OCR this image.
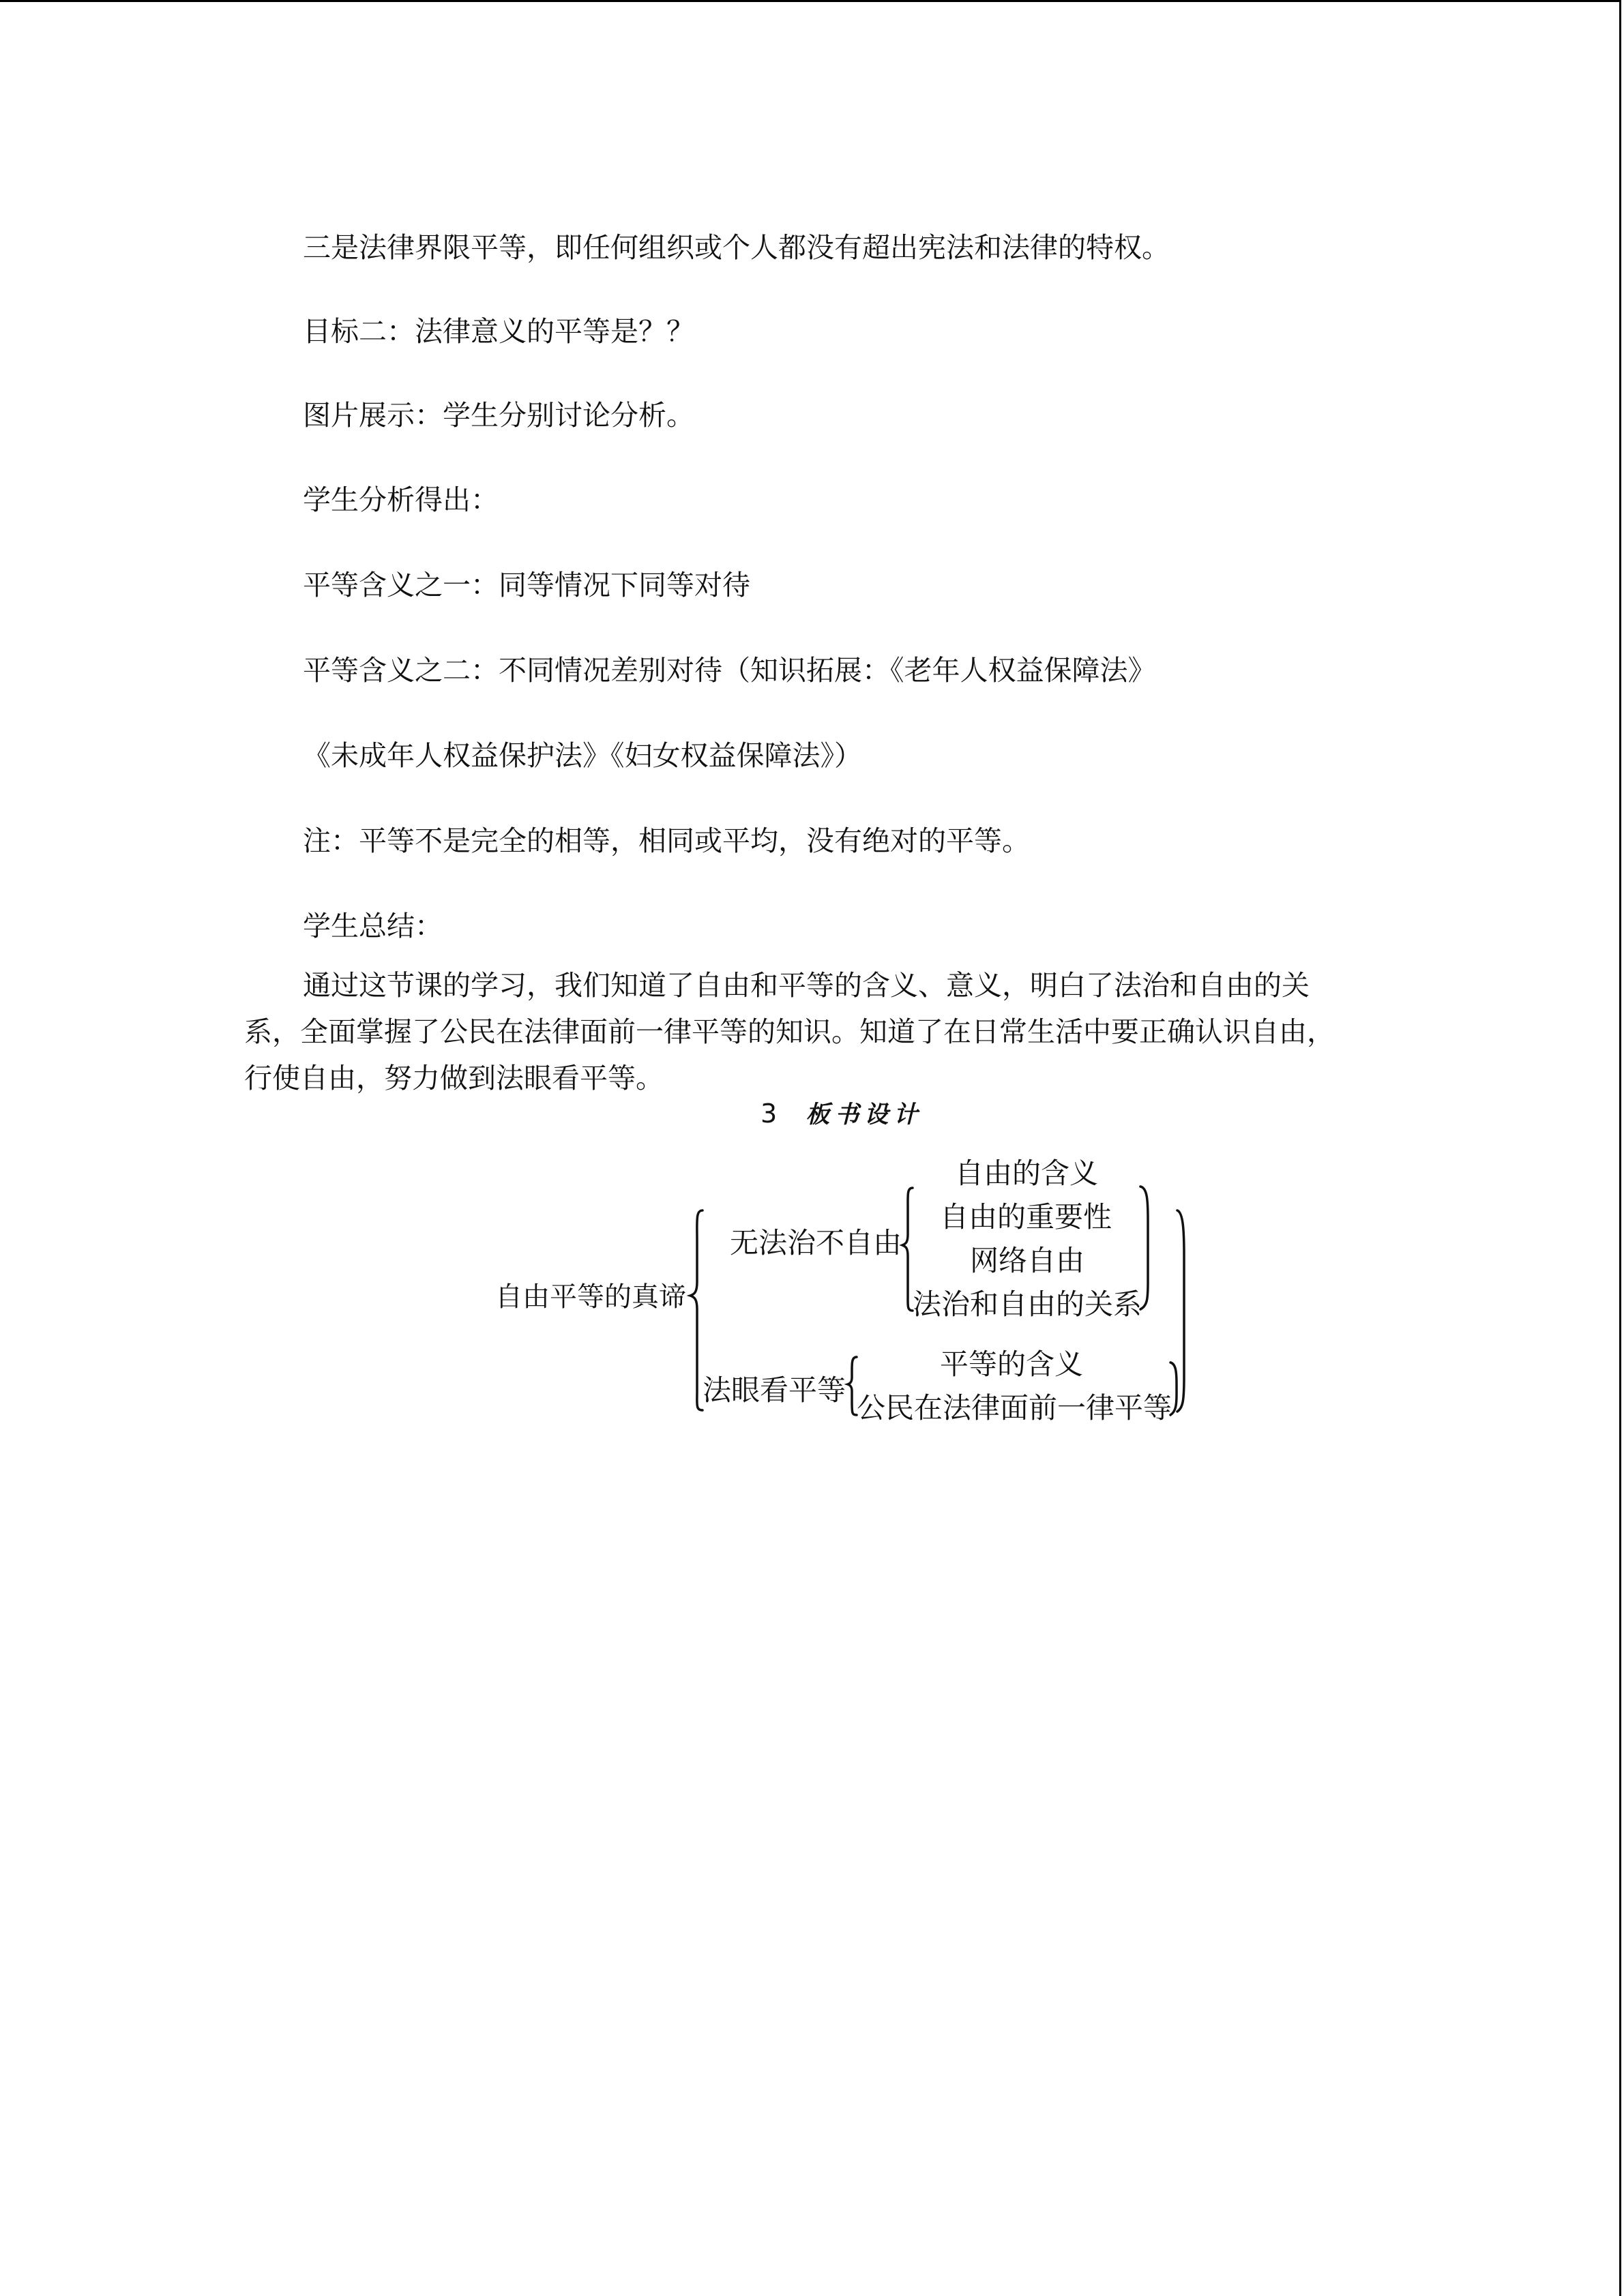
三是法律界限平等，即任何组织或个人都没有超出宪法和法律的特权。
目标二：法律意义的平等是？？
图片展示：学生分别讨论分析。
学生分析得出：
平等含义之一：同等情况下同等对待
平等含义之二：不同情况差别对待（知识拓展：《老年人权益保障法》
《未成年人权益保护法》《妇女权益保障法》）
注：平等不是完全的相等，相同或平均，没有绝对的平等。
学生总结：
通过这节课的学习，我们知道了自由和平等的含义、意义，明白了法治和自由的关
系，全面掌握了公民在法律面前一律平等的知识。知道了在日常生活中要正确认识自由，
行使自由，努力做到法眼看平等。
3 板书设计
自由平等的真谛
无法治不自由
自由的含义
自由的重要性
网络自由
法治和自由的关系
法眼看平等
平等的含义
公民在法律面前一律平等
